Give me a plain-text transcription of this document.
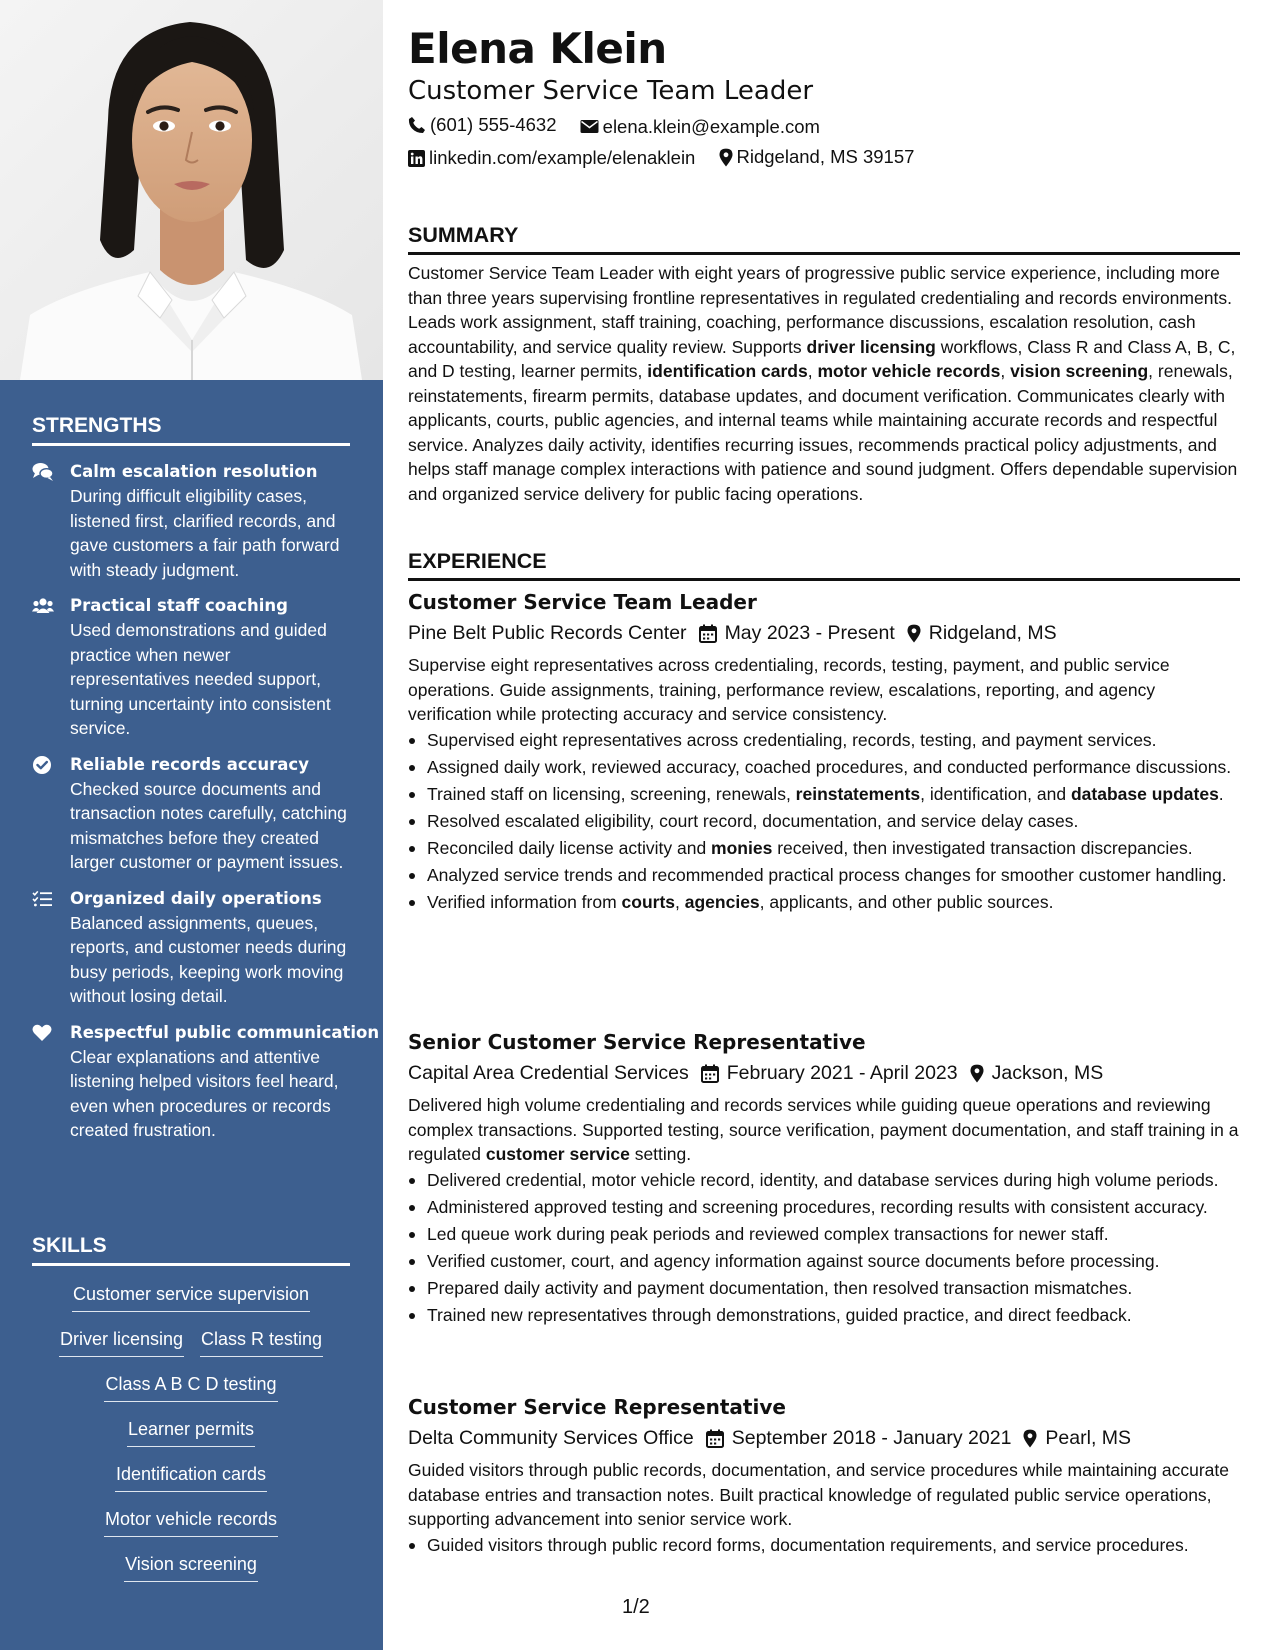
STRENGTHS
Calm escalation resolution
During difficult eligibility cases, listened first, clarified records, and gave customers a fair path forward with steady judgment.
Practical staff coaching
Used demonstrations and guided practice when newer representatives needed support, turning uncertainty into consistent service.
Reliable records accuracy
Checked source documents and transaction notes carefully, catching mismatches before they created larger customer or payment issues.
Organized daily operations
Balanced assignments, queues, reports, and customer needs during busy periods, keeping work moving without losing detail.
Respectful public communication
Clear explanations and attentive listening helped visitors feel heard, even when procedures or records created frustration.
SKILLS
Customer service supervision
Driver licensing Class R testing
Class A B C D testing
Learner permits
Identification cards
Motor vehicle records
Vision screening
Elena Klein
Customer Service Team Leader
(601) 555-4632
elena.klein@example.com
linkedin.com/example/elenaklein
Ridgeland, MS 39157
SUMMARY

Customer Service Team Leader with eight years of progressive public service experience, including more than three years supervising frontline representatives in regulated credentialing and records environments. Leads work assignment, staff training, coaching, performance discussions, escalation resolution, cash accountability, and service quality review. Supports driver licensing workflows, Class R and Class A, B, C, and D testing, learner permits, identification cards, motor vehicle records, vision screening, renewals, reinstatements, firearm permits, database updates, and document verification. Communicates clearly with applicants, courts, public agencies, and internal teams while maintaining accurate records and respectful service. Analyzes daily activity, identifies recurring issues, recommends practical policy adjustments, and helps staff manage complex interactions with patience and sound judgment. Offers dependable supervision and organized service delivery for public facing operations.

EXPERIENCE
Customer Service Team Leader
Pine Belt Public Records Center May 2023 - Present Ridgeland, MS

Supervise eight representatives across credentialing, records, testing, payment, and public service operations. Guide assignments, training, performance review, escalations, reporting, and agency verification while protecting accuracy and service consistency.

Supervised eight representatives across credentialing, records, testing, and payment services.
Assigned daily work, reviewed accuracy, coached procedures, and conducted performance discussions.
Trained staff on licensing, screening, renewals, reinstatements, identification, and database updates.
Resolved escalated eligibility, court record, documentation, and service delay cases.
Reconciled daily license activity and monies received, then investigated transaction discrepancies.
Analyzed service trends and recommended practical process changes for smoother customer handling.
Verified information from courts, agencies, applicants, and other public sources.
Senior Customer Service Representative
Capital Area Credential Services February 2021 - April 2023 Jackson, MS

Delivered high volume credentialing and records services while guiding queue operations and reviewing complex transactions. Supported testing, source verification, payment documentation, and staff training in a regulated customer service setting.

Delivered credential, motor vehicle record, identity, and database services during high volume periods.
Administered approved testing and screening procedures, recording results with consistent accuracy.
Led queue work during peak periods and reviewed complex transactions for newer staff.
Verified customer, court, and agency information against source documents before processing.
Prepared daily activity and payment documentation, then resolved transaction mismatches.
Trained new representatives through demonstrations, guided practice, and direct feedback.
Customer Service Representative
Delta Community Services Office September 2018 - January 2021 Pearl, MS

Guided visitors through public records, documentation, and service procedures while maintaining accurate database entries and transaction notes. Built practical knowledge of regulated public service operations, supporting advancement into senior service work.

Guided visitors through public record forms, documentation requirements, and service procedures.
1/2
